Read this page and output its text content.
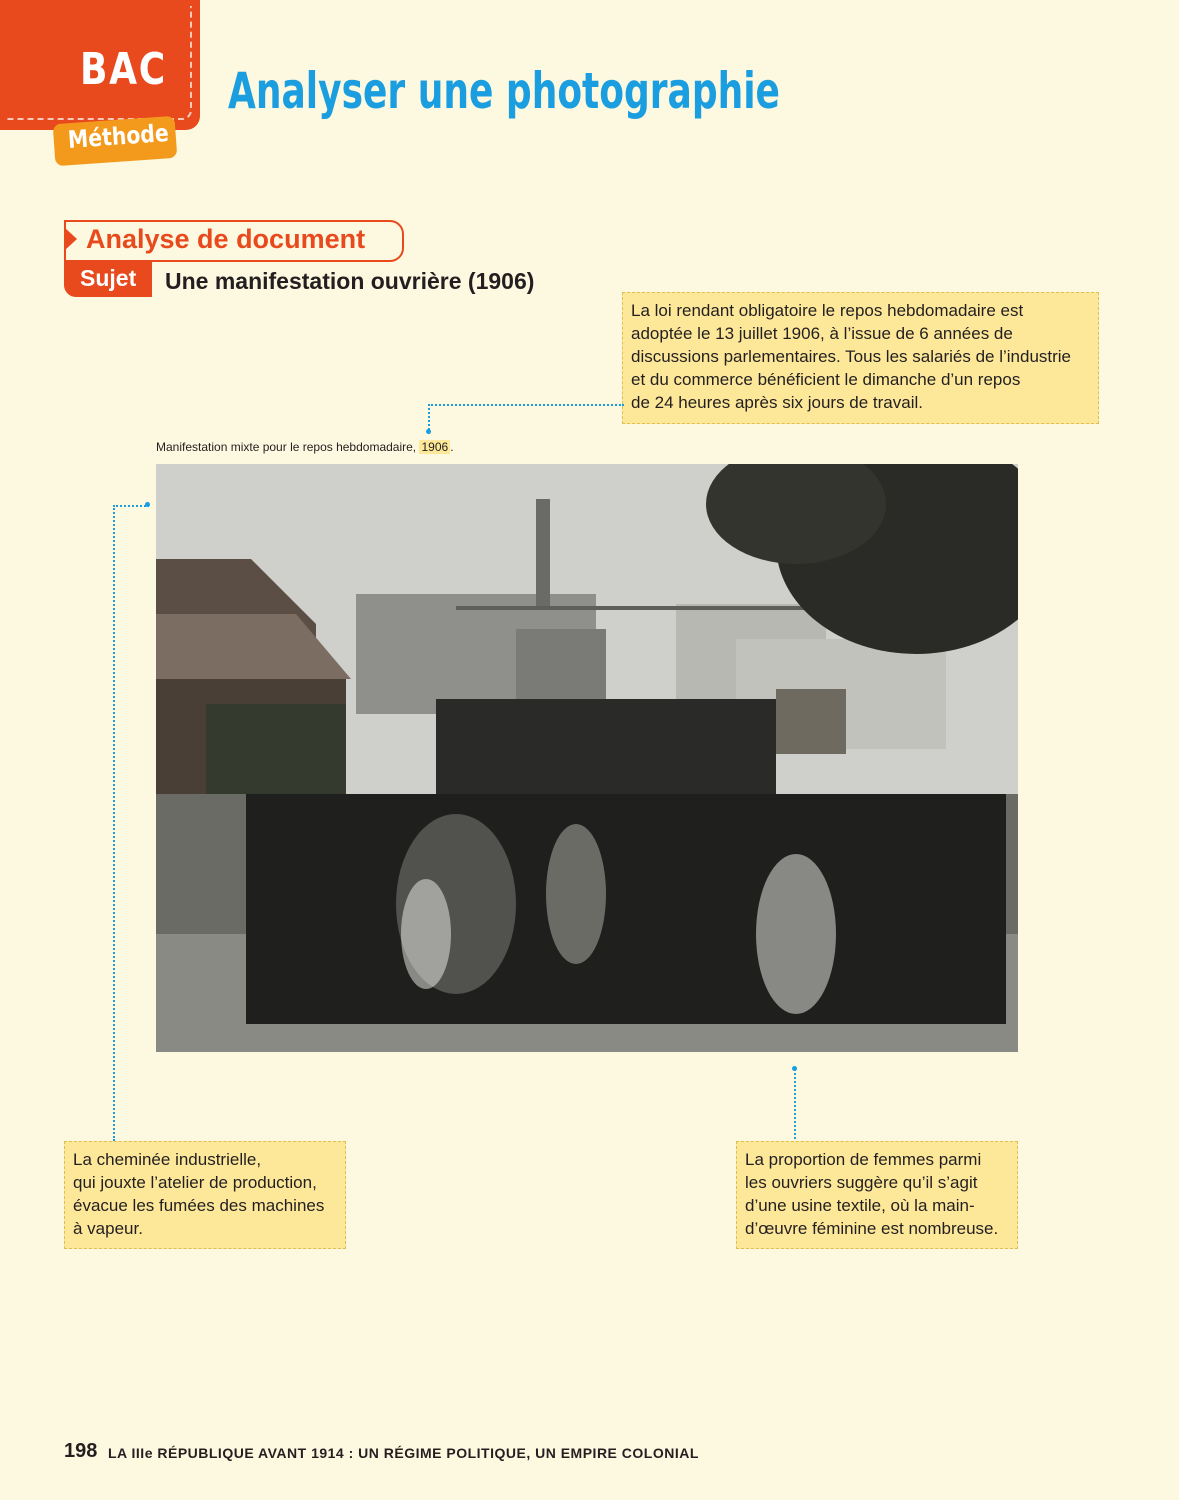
BAC
Méthode
Analyser une photographie
Analyse de document
Sujet Une manifestation ouvrière (1906)
La loi rendant obligatoire le repos hebdomadaire est
adoptée le 13 juillet 1906, à l’issue de 6 années de
discussions parlementaires. Tous les salariés de l’industrie
et du commerce bénéficient le dimanche d’un repos
de 24 heures après six jours de travail.
Manifestation mixte pour le repos hebdomadaire, 1906 .
La cheminée industrielle,
qui jouxte l’atelier de production,
évacue les fumées des machines
à vapeur.
La proportion de femmes parmi
les ouvriers suggère qu’il s’agit
d’une usine textile, où la main-
d’œuvre féminine est nombreuse.
198 LA IIIe RÉPUBLIQUE AVANT 1914 : UN RÉGIME POLITIQUE, UN EMPIRE COLONIAL
